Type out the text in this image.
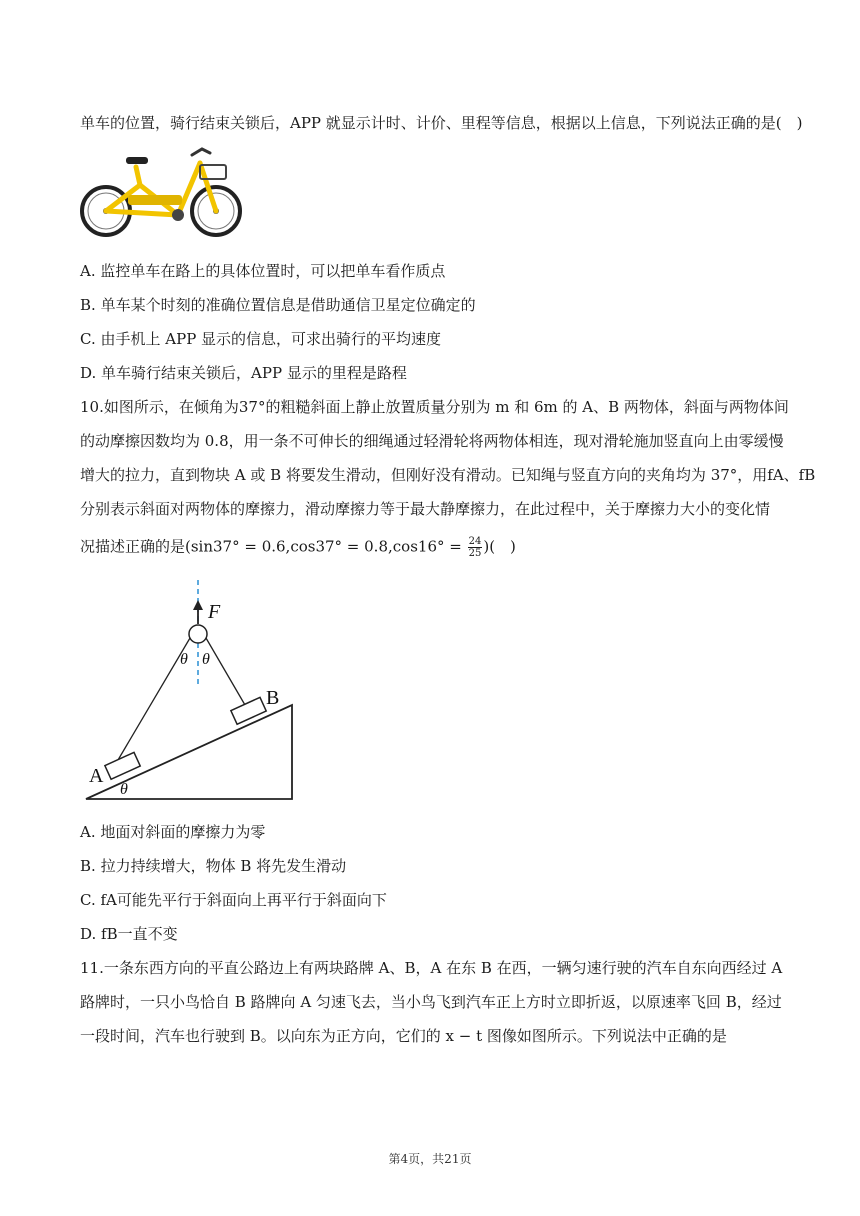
单车的位置，骑行结束关锁后，APP 就显示计时、计价、里程等信息，根据以上信息，下列说法正确的是( )
A. 监控单车在路上的具体位置时，可以把单车看作质点
B. 单车某个时刻的准确位置信息是借助通信卫星定位确定的
C. 由手机上 APP 显示的信息，可求出骑行的平均速度
D. 单车骑行结束关锁后，APP 显示的里程是路程
10.如图所示，在倾角为37°的粗糙斜面上静止放置质量分别为 m 和 6m 的 A、B 两物体，斜面与两物体间
的动摩擦因数均为 0.8，用一条不可伸长的细绳通过轻滑轮将两物体相连，现对滑轮施加竖直向上由零缓慢
增大的拉力，直到物块 A 或 B 将要发生滑动，但刚好没有滑动。已知绳与竖直方向的夹角均为 37°，用fA、fB
分别表示斜面对两物体的摩擦力，滑动摩擦力等于最大静摩擦力，在此过程中，关于摩擦力大小的变化情
况描述正确的是($\sin 37^\circ = 0.6,\cos 37^\circ = 0.8,\cos 16^\circ = \frac{24}{25}$ )( )
F
θ θ
A
B
θ
A. 地面对斜面的摩擦力为零
B. 拉力持续增大，物体 B 将先发生滑动
C. fA可能先平行于斜面向上再平行于斜面向下
D. fB一直不变
11.一条东西方向的平直公路边上有两块路牌 A、B，A 在东 B 在西，一辆匀速行驶的汽车自东向西经过 A
路牌时，一只小鸟恰自 B 路牌向 A 匀速飞去，当小鸟飞到汽车正上方时立即折返，以原速率飞回 B，经过
一段时间，汽车也行驶到 B。以向东为正方向，它们的 x − t 图像如图所示。下列说法中正确的是
第4页，共21页
